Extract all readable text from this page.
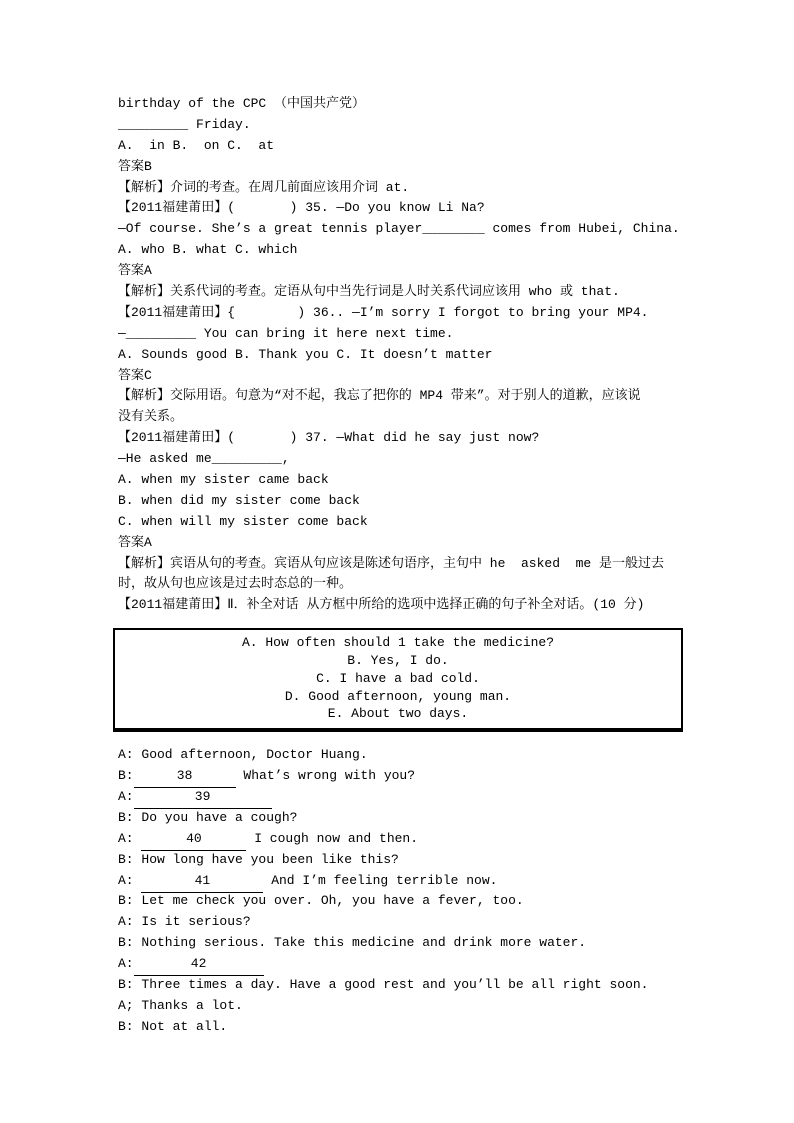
birthday of the CPC （中国共产党）
_________ Friday.
A.  in B.  on C.  at
答案B
【解析】介词的考查。在周几前面应该用介词 at.
【2011福建莆田】(       ) 35. —Do you know Li Na?
—Of course. She’s a great tennis player________ comes from Hubei, China.
A. who B. what C. which
答案A
【解析】关系代词的考查。定语从句中当先行词是人时关系代词应该用 who 或 that.
【2011福建莆田】{        ) 36.. —I’m sorry I forgot to bring your MP4.
—_________ You can bring it here next time.
A. Sounds good B. Thank you C. It doesn’t matter
答案C
【解析】交际用语。句意为“对不起，我忘了把你的 MP4 带来”。对于别人的道歉，应该说
没有关系。
【2011福建莆田】(       ) 37. —What did he say just now?
—He asked me_________,
A. when my sister came back
B. when did my sister come back
C. when will my sister come back
答案A
【解析】宾语从句的考查。宾语从句应该是陈述句语序，主句中 he  asked  me 是一般过去
时，故从句也应该是过去时态总的一种。
【2011福建莆田】Ⅱ．补全对话 从方框中所给的选项中选择正确的句子补全对话。(10 分)
A. How often should 1 take the medicine?
B. Yes, I do.
C. I have a bad cold.
D. Good afternoon, young man.
E. About two days.
A: Good afternoon, Doctor Huang.
B:	38	What’s wrong with you?
A:	39
B: Do you have a cough?
A:	40	I cough now and then.
B: How long have you been like this?
A:	41	And I’m feeling terrible now.
B: Let me check you over. Oh, you have a fever, too.
A: Is it serious?
B: Nothing serious. Take this medicine and drink more water.
A:	42
B: Three times a day. Have a good rest and you’ll be all right soon.
A; Thanks a lot.
B: Not at all.
